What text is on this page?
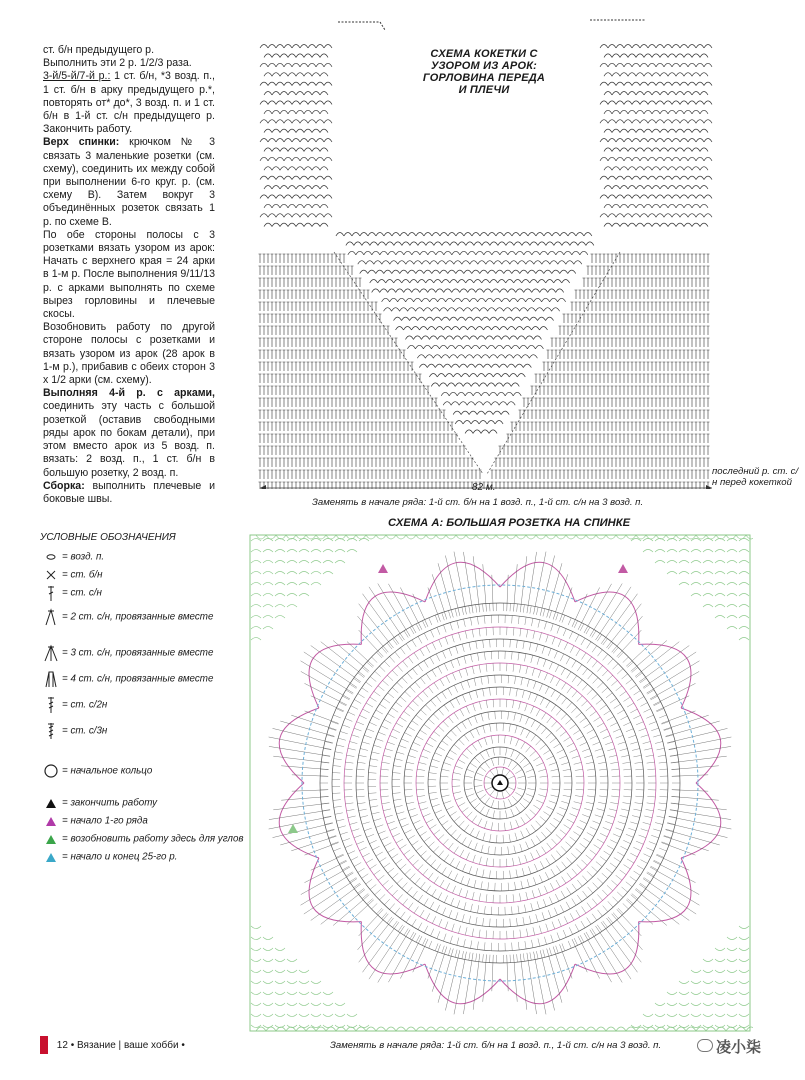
ст. б/н предыдущего р.

Выполнить эти 2 р. 1/2/3 раза.

3-й/5-й/7-й р.: 1 ст. б/н, *3 возд. п., 1 ст. б/н в арку предыдущего р.*, повторять от* до*, 3 возд. п. и 1 ст. б/н в 1-й ст. с/н предыдущего р. Закончить работу.

Верх спинки: крючком № 3 связать 3 маленькие розетки (см. схему), соединить их между собой при выполнении 6-го круг. р. (см. схему B). Затем вокруг 3 объединённых розеток связать 1 р. по схеме B.

По обе стороны полосы с 3 розетками вязать узором из арок: Начать с верхнего края = 24 арки в 1-м р. После выполнения 9/11/13 р. с арками выполнять по схеме вырез горловины и плечевые скосы.

Возобновить работу по другой стороне полосы с розетками и вязать узором из арок (28 арок в 1-м р.), прибавив с обеих сторон 3 х 1/2 арки (см. схему).

Выполняя 4-й р. с арками, соединить эту часть с большой розеткой (оставив свободными ряды арок по бокам детали), при этом вместо арок из 5 возд. п. вязать: 2 возд. п., 1 ст. б/н в большую розетку, 2 возд. п.

Сборка: выполнить плечевые и боковые швы.

СХЕМА КОКЕТКИ С УЗОРОМ ИЗ АРОК: ГОРЛОВИНА ПЕРЕДА И ПЛЕЧИ
82 м.
последний р. ст. с/н перед кокеткой
Заменять в начале ряда: 1-й ст. б/н на 1 возд. п., 1-й ст. с/н на 3 возд. п.
СХЕМА А: БОЛЬШАЯ РОЗЕТКА НА СПИНКЕ
Заменять в начале ряда: 1-й ст. б/н на 1 возд. п., 1-й ст. с/н на 3 возд. п.
УСЛОВНЫЕ ОБОЗНАЧЕНИЯ
= возд. п.
= ст. б/н
= ст. с/н
= 2 ст. с/н, провязанные вместе
= 3 ст. с/н, провязанные вместе
= 4 ст. с/н, провязанные вместе
= ст. с/2н
= ст. с/3н
= начальное кольцо
= закончить работу
= начало 1-го ряда
= возобновить работу здесь для углов
= начало и конец 25-го р.
12 • Вязание | ваше хобби •	凌小柒
